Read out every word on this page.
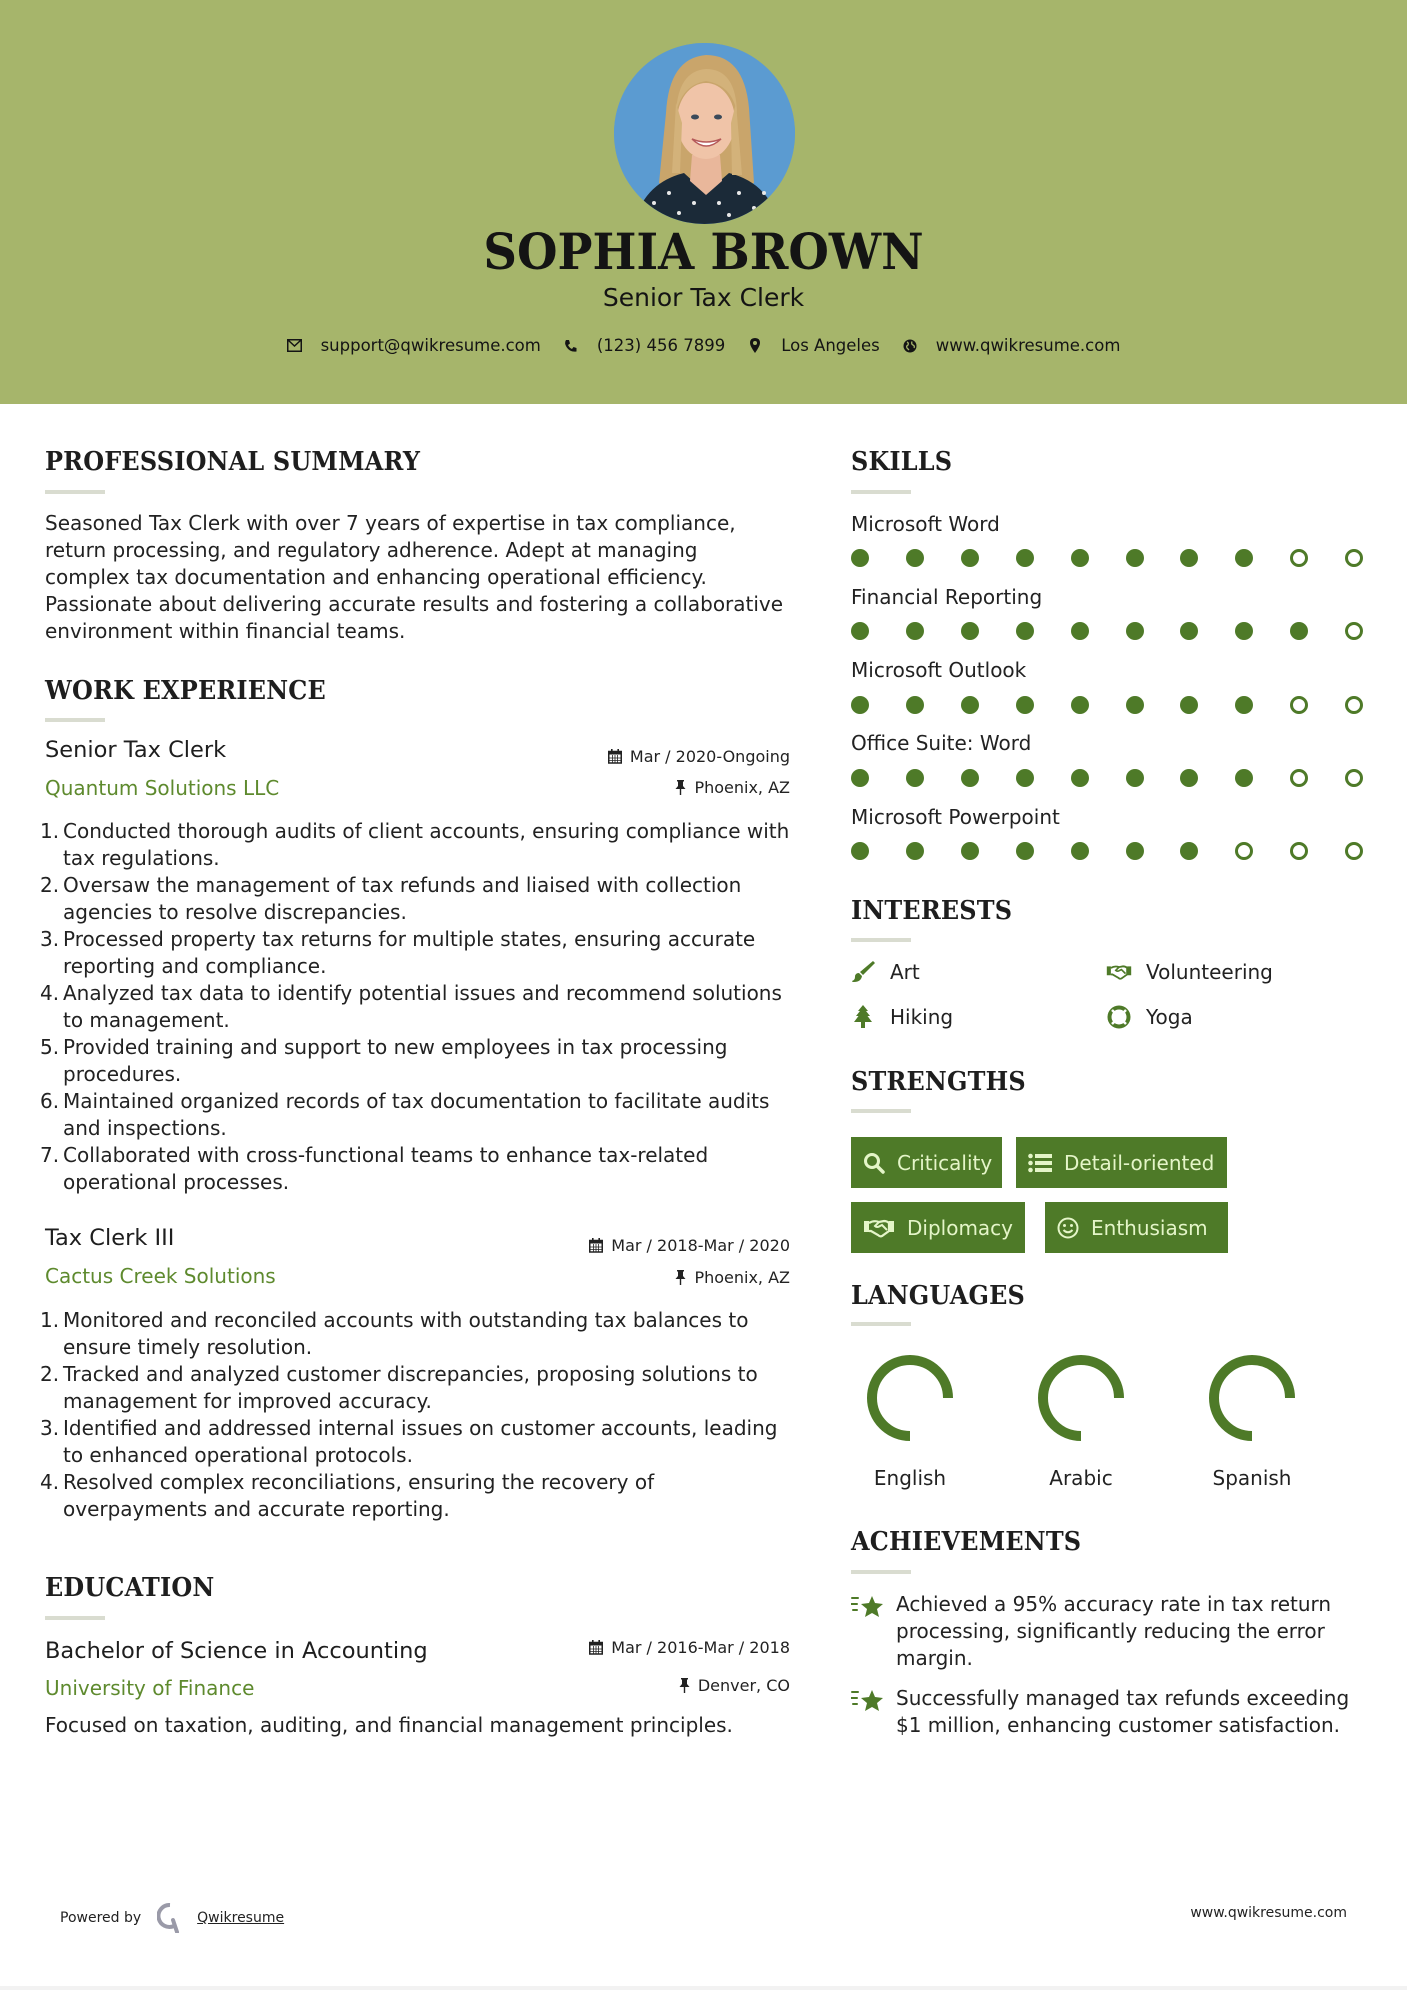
SOPHIA BROWN
Senior Tax Clerk
support@qwikresume.com	(123) 456 7899	Los Angeles	www.qwikresume.com
PROFESSIONAL SUMMARY
Seasoned Tax Clerk with over 7 years of expertise in tax compliance, return processing, and regulatory adherence. Adept at managing complex tax documentation and enhancing operational efficiency. Passionate about delivering accurate results and fostering a collaborative environment within financial teams.
WORK EXPERIENCE
Senior Tax Clerk	Mar / 2020-Ongoing
Quantum Solutions LLC	Phoenix, AZ
1. Conducted thorough audits of client accounts, ensuring compliance with tax regulations.
2. Oversaw the management of tax refunds and liaised with collection agencies to resolve discrepancies.
3. Processed property tax returns for multiple states, ensuring accurate reporting and compliance.
4. Analyzed tax data to identify potential issues and recommend solutions to management.
5. Provided training and support to new employees in tax processing procedures.
6. Maintained organized records of tax documentation to facilitate audits and inspections.
7. Collaborated with cross-functional teams to enhance tax-related operational processes.
Tax Clerk III	Mar / 2018-Mar / 2020
Cactus Creek Solutions	Phoenix, AZ
1. Monitored and reconciled accounts with outstanding tax balances to ensure timely resolution.
2. Tracked and analyzed customer discrepancies, proposing solutions to management for improved accuracy.
3. Identified and addressed internal issues on customer accounts, leading to enhanced operational protocols.
4. Resolved complex reconciliations, ensuring the recovery of overpayments and accurate reporting.
EDUCATION
Bachelor of Science in Accounting	Mar / 2016-Mar / 2018
University of Finance	Denver, CO
Focused on taxation, auditing, and financial management principles.
SKILLS
Microsoft Word
Financial Reporting
Microsoft Outlook
Office Suite: Word
Microsoft Powerpoint
INTERESTS
Art	Volunteering
Hiking	Yoga
STRENGTHS
Criticality	Detail-oriented
Diplomacy	Enthusiasm
LANGUAGES
English	Arabic	Spanish
ACHIEVEMENTS
Achieved a 95% accuracy rate in tax return processing, significantly reducing the error margin.
Successfully managed tax refunds exceeding $1 million, enhancing customer satisfaction.
Powered by	Qwikresume	www.qwikresume.com
